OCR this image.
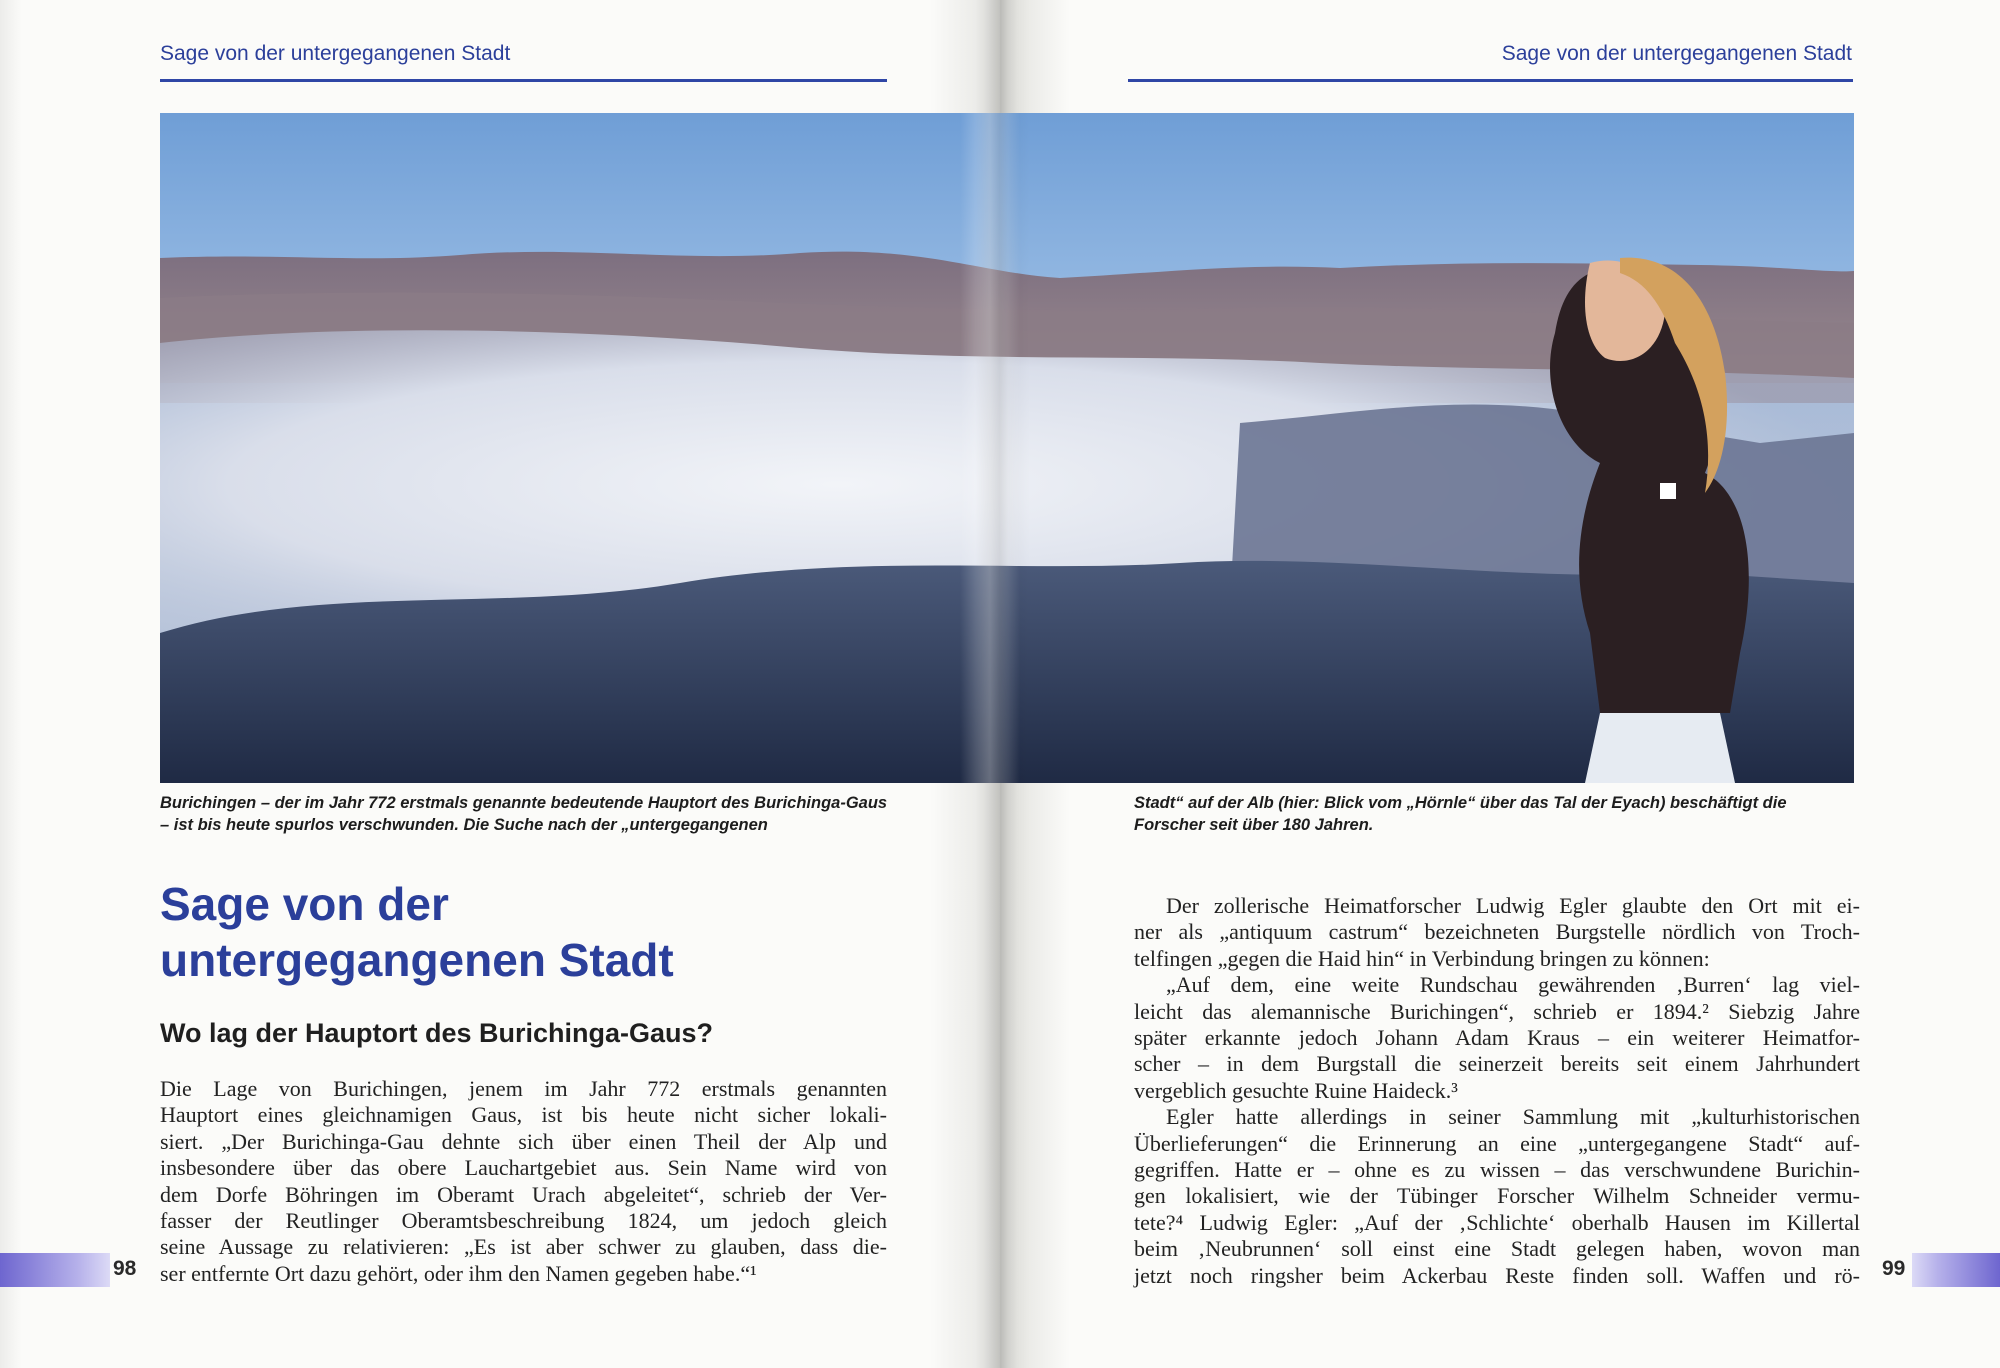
Sage von der untergegangenen Stadt	Sage von der untergegangenen Stadt
Burichingen – der im Jahr 772 erstmals genannte bedeutende Hauptort des Burichinga-Gaus – ist bis heute spurlos verschwunden. Die Suche nach der „untergegangenen
Stadt“ auf der Alb (hier: Blick vom „Hörnle“ über das Tal der Eyach) beschäftigt die Forscher seit über 180 Jahren.
Sage von der
untergegangenen Stadt
Wo lag der Hauptort des Burichinga-Gaus?
Die Lage von Burichingen, jenem im Jahr 772 erstmals genannten
Hauptort eines gleichnamigen Gaus, ist bis heute nicht sicher lokali-
siert. „Der Burichinga-Gau dehnte sich über einen Theil der Alp und
insbesondere über das obere Lauchartgebiet aus. Sein Name wird von
dem Dorfe Böhringen im Oberamt Urach abgeleitet“, schrieb der Ver-
fasser der Reutlinger Oberamtsbeschreibung 1824, um jedoch gleich
seine Aussage zu relativieren: „Es ist aber schwer zu glauben, dass die-
ser entfernte Ort dazu gehört, oder ihm den Namen gegeben habe.“¹
Der zollerische Heimatforscher Ludwig Egler glaubte den Ort mit ei-
ner als „antiquum castrum“ bezeichneten Burgstelle nördlich von Troch-
telfingen „gegen die Haid hin“ in Verbindung bringen zu können:
„Auf dem, eine weite Rundschau gewährenden ‚Burren‘ lag viel-
leicht das alemannische Burichingen“, schrieb er 1894.² Siebzig Jahre
später erkannte jedoch Johann Adam Kraus – ein weiterer Heimatfor-
scher – in dem Burgstall die seinerzeit bereits seit einem Jahrhundert
vergeblich gesuchte Ruine Haideck.³
Egler hatte allerdings in seiner Sammlung mit „kulturhistorischen
Überlieferungen“ die Erinnerung an eine „untergegangene Stadt“ auf-
gegriffen. Hatte er – ohne es zu wissen – das verschwundene Burichin-
gen lokalisiert, wie der Tübinger Forscher Wilhelm Schneider vermu-
tete?⁴ Ludwig Egler: „Auf der ‚Schlichte‘ oberhalb Hausen im Killertal
beim ‚Neubrunnen‘ soll einst eine Stadt gelegen haben, wovon man
jetzt noch ringsher beim Ackerbau Reste finden soll. Waffen und rö-
98	99
